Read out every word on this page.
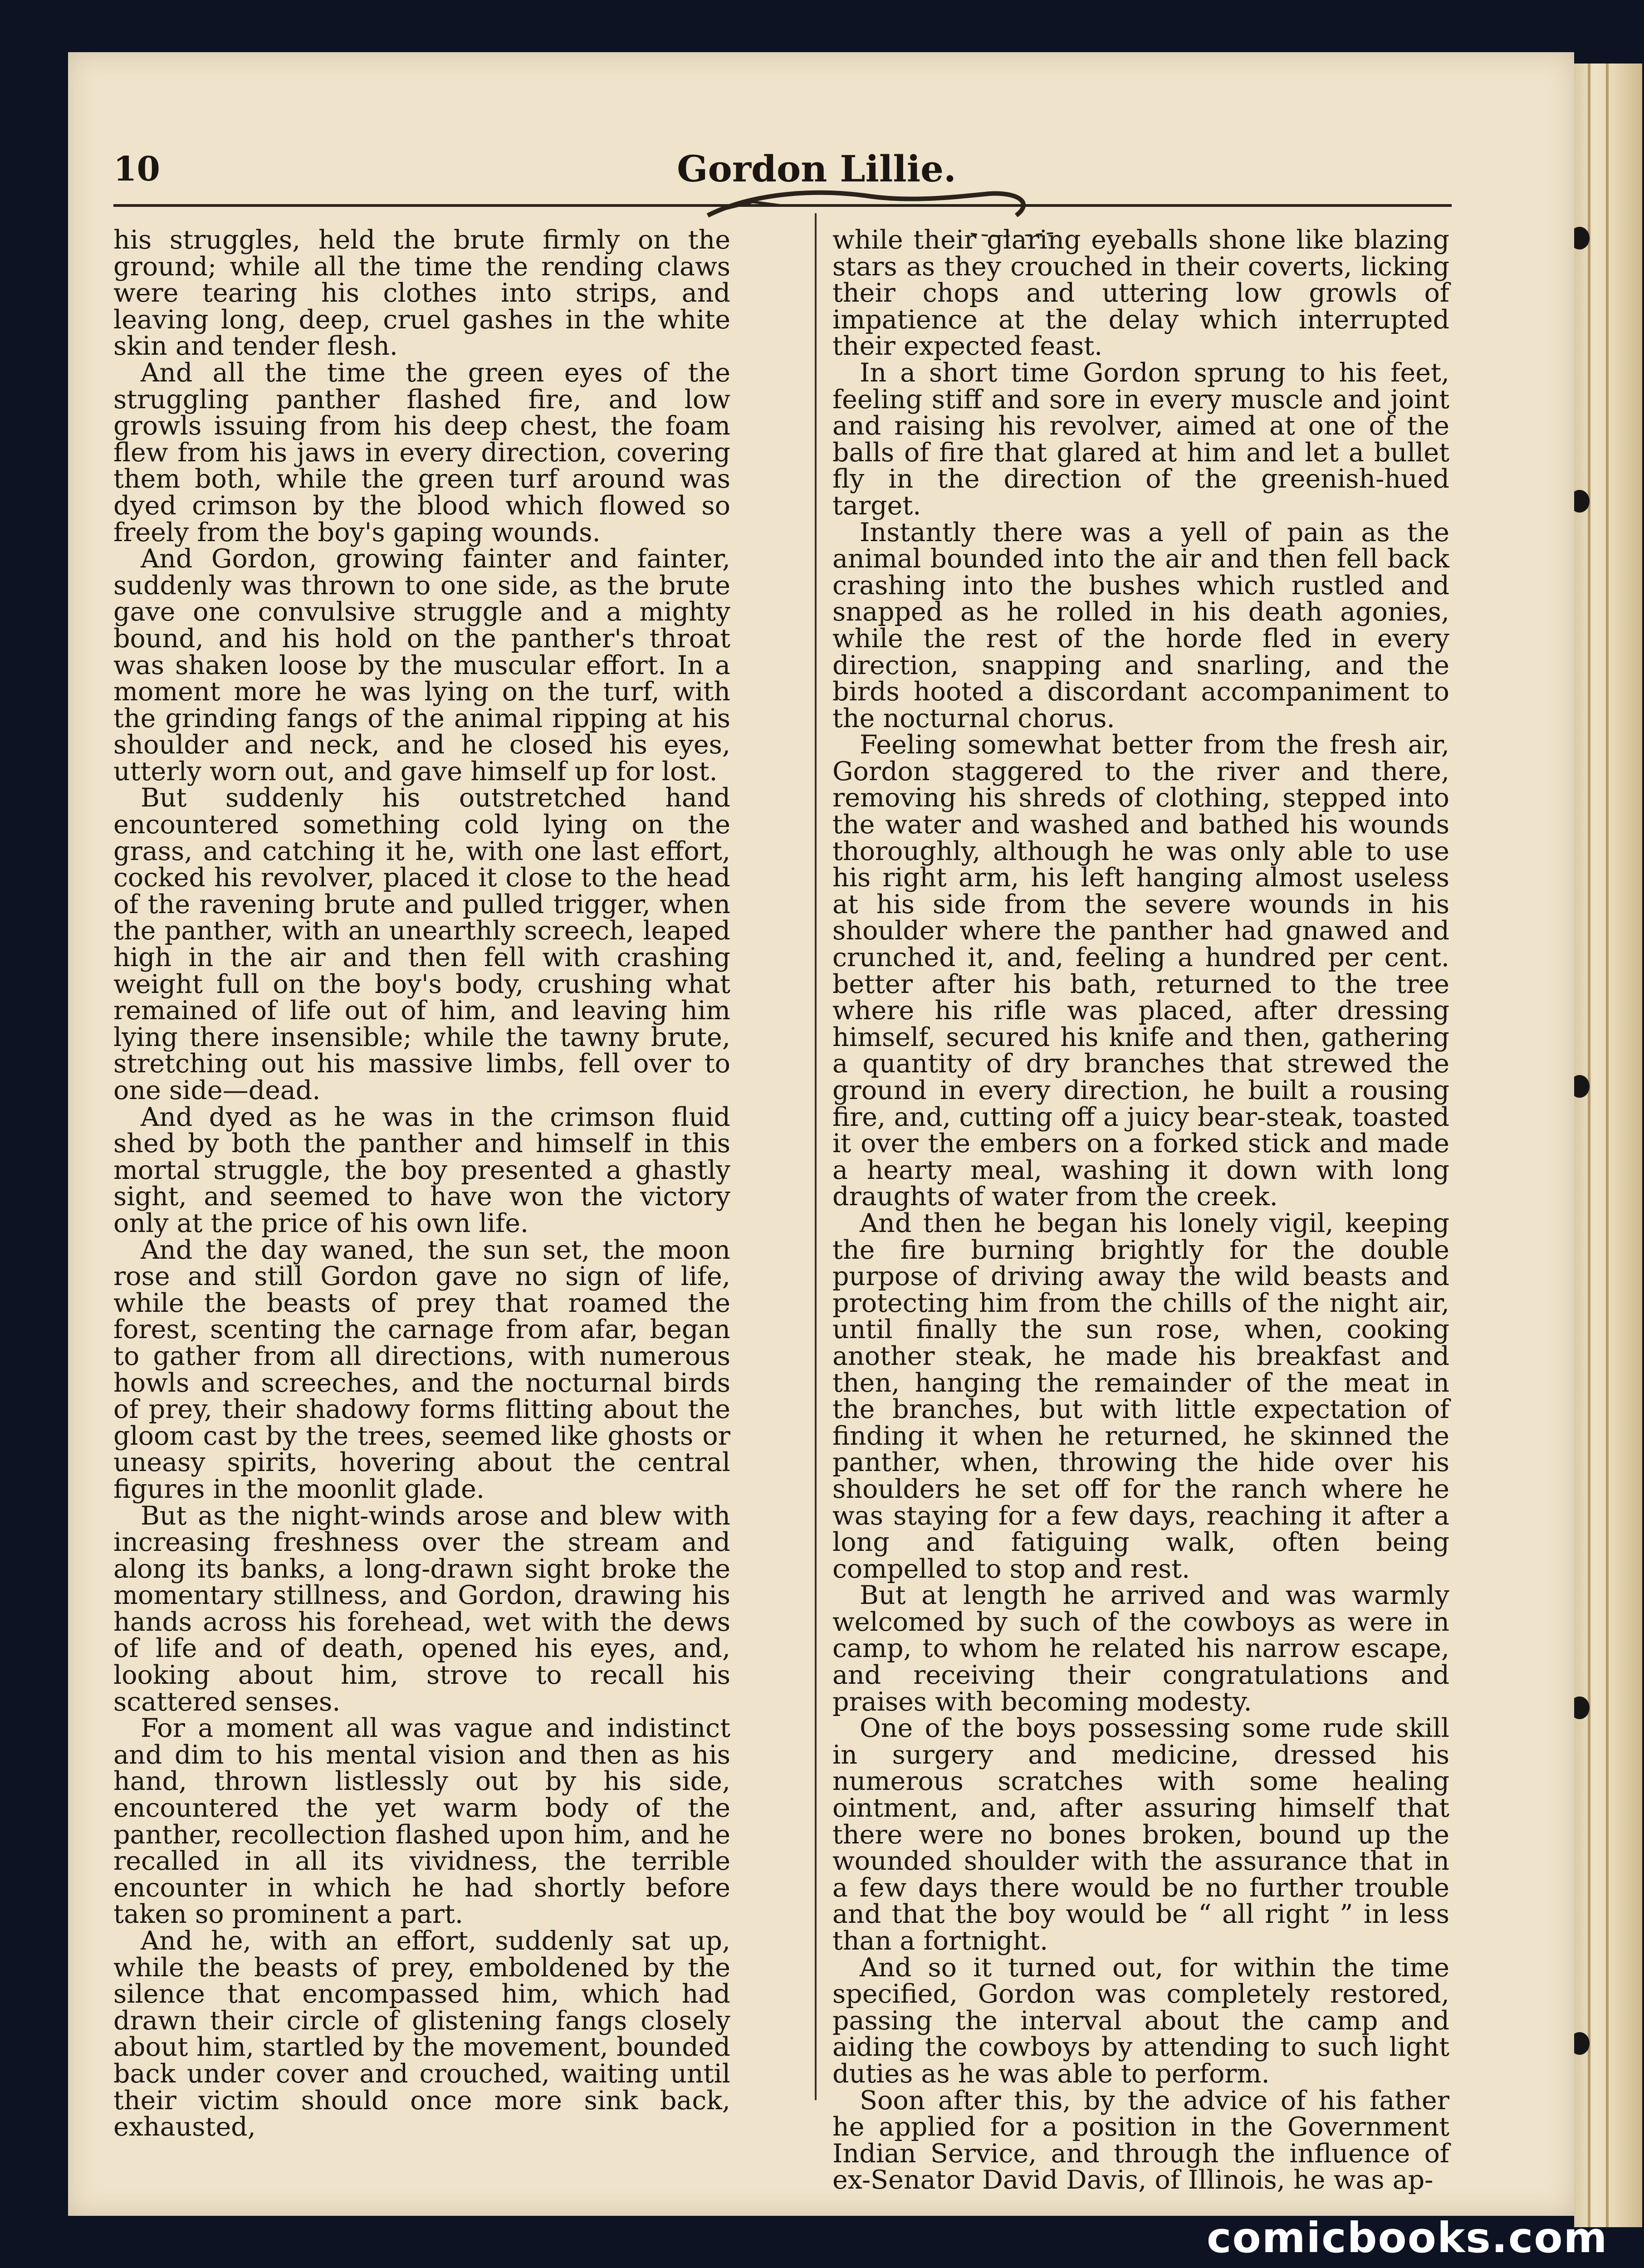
10	Gordon Lillie.

his struggles, held the brute firmly on the ground; while all the time the rending claws were tearing his clothes into strips, and leaving long, deep, cruel gashes in the white skin and tender flesh.

And all the time the green eyes of the struggling panther flashed fire, and low growls issuing from his deep chest, the foam flew from his jaws in every direction, covering them both, while the green turf around was dyed crimson by the blood which flowed so freely from the boy's gaping wounds.

And Gordon, growing fainter and fainter, suddenly was thrown to one side, as the brute gave one convulsive struggle and a mighty bound, and his hold on the panther's throat was shaken loose by the muscular effort. In a moment more he was lying on the turf, with the grinding fangs of the animal ripping at his shoulder and neck, and he closed his eyes, utterly worn out, and gave himself up for lost.

But suddenly his outstretched hand encountered something cold lying on the grass, and catching it he, with one last effort, cocked his revolver, placed it close to the head of the ravening brute and pulled trigger, when the panther, with an unearthly screech, leaped high in the air and then fell with crashing weight full on the boy's body, crushing what remained of life out of him, and leaving him lying there insensible; while the tawny brute, stretching out his massive limbs, fell over to one side—dead.

And dyed as he was in the crimson fluid shed by both the panther and himself in this mortal struggle, the boy presented a ghastly sight, and seemed to have won the victory only at the price of his own life.

And the day waned, the sun set, the moon rose and still Gordon gave no sign of life, while the beasts of prey that roamed the forest, scenting the carnage from afar, began to gather from all directions, with numerous howls and screeches, and the nocturnal birds of prey, their shadowy forms flitting about the gloom cast by the trees, seemed like ghosts or uneasy spirits, hovering about the central figures in the moonlit glade.

But as the night-winds arose and blew with increasing freshness over the stream and along its banks, a long-drawn sight broke the momentary stillness, and Gordon, drawing his hands across his forehead, wet with the dews of life and of death, opened his eyes, and, looking about him, strove to recall his scattered senses.

For a moment all was vague and indistinct and dim to his mental vision and then as his hand, thrown listlessly out by his side, encountered the yet warm body of the panther, recollection flashed upon him, and he recalled in all its vividness, the terrible encounter in which he had shortly before taken so prominent a part.

And he, with an effort, suddenly sat up, while the beasts of prey, emboldened by the silence that encompassed him, which had drawn their circle of glistening fangs closely about him, startled by the movement, bounded back under cover and crouched, waiting until their victim should once more sink back, exhausted,

while their glaring eyeballs shone like blazing stars as they crouched in their coverts, licking their chops and uttering low growls of impatience at the delay which interrupted their expected feast.

In a short time Gordon sprung to his feet, feeling stiff and sore in every muscle and joint and raising his revolver, aimed at one of the balls of fire that glared at him and let a bullet fly in the direction of the greenish-hued target.

Instantly there was a yell of pain as the animal bounded into the air and then fell back crashing into the bushes which rustled and snapped as he rolled in his death agonies, while the rest of the horde fled in every direction, snapping and snarling, and the birds hooted a discordant accompaniment to the nocturnal chorus.

Feeling somewhat better from the fresh air, Gordon staggered to the river and there, removing his shreds of clothing, stepped into the water and washed and bathed his wounds thoroughly, although he was only able to use his right arm, his left hanging almost useless at his side from the severe wounds in his shoulder where the panther had gnawed and crunched it, and, feeling a hundred per cent. better after his bath, returned to the tree where his rifle was placed, after dressing himself, secured his knife and then, gathering a quantity of dry branches that strewed the ground in every direction, he built a rousing fire, and, cutting off a juicy bear-steak, toasted it over the embers on a forked stick and made a hearty meal, washing it down with long draughts of water from the creek.

And then he began his lonely vigil, keeping the fire burning brightly for the double purpose of driving away the wild beasts and protecting him from the chills of the night air, until finally the sun rose, when, cooking another steak, he made his breakfast and then, hanging the remainder of the meat in the branches, but with little expectation of finding it when he returned, he skinned the panther, when, throwing the hide over his shoulders he set off for the ranch where he was staying for a few days, reaching it after a long and fatiguing walk, often being compelled to stop and rest.

But at length he arrived and was warmly welcomed by such of the cowboys as were in camp, to whom he related his narrow escape, and receiving their congratulations and praises with becoming modesty.

One of the boys possessing some rude skill in surgery and medicine, dressed his numerous scratches with some healing ointment, and, after assuring himself that there were no bones broken, bound up the wounded shoulder with the assurance that in a few days there would be no further trouble and that the boy would be “ all right ” in less than a fortnight.

And so it turned out, for within the time specified, Gordon was completely restored, passing the interval about the camp and aiding the cowboys by attending to such light duties as he was able to perform.

Soon after this, by the advice of his father he applied for a position in the Government Indian Service, and through the influence of ex-Senator David Davis, of Illinois, he was ap-

comicbooks.com
